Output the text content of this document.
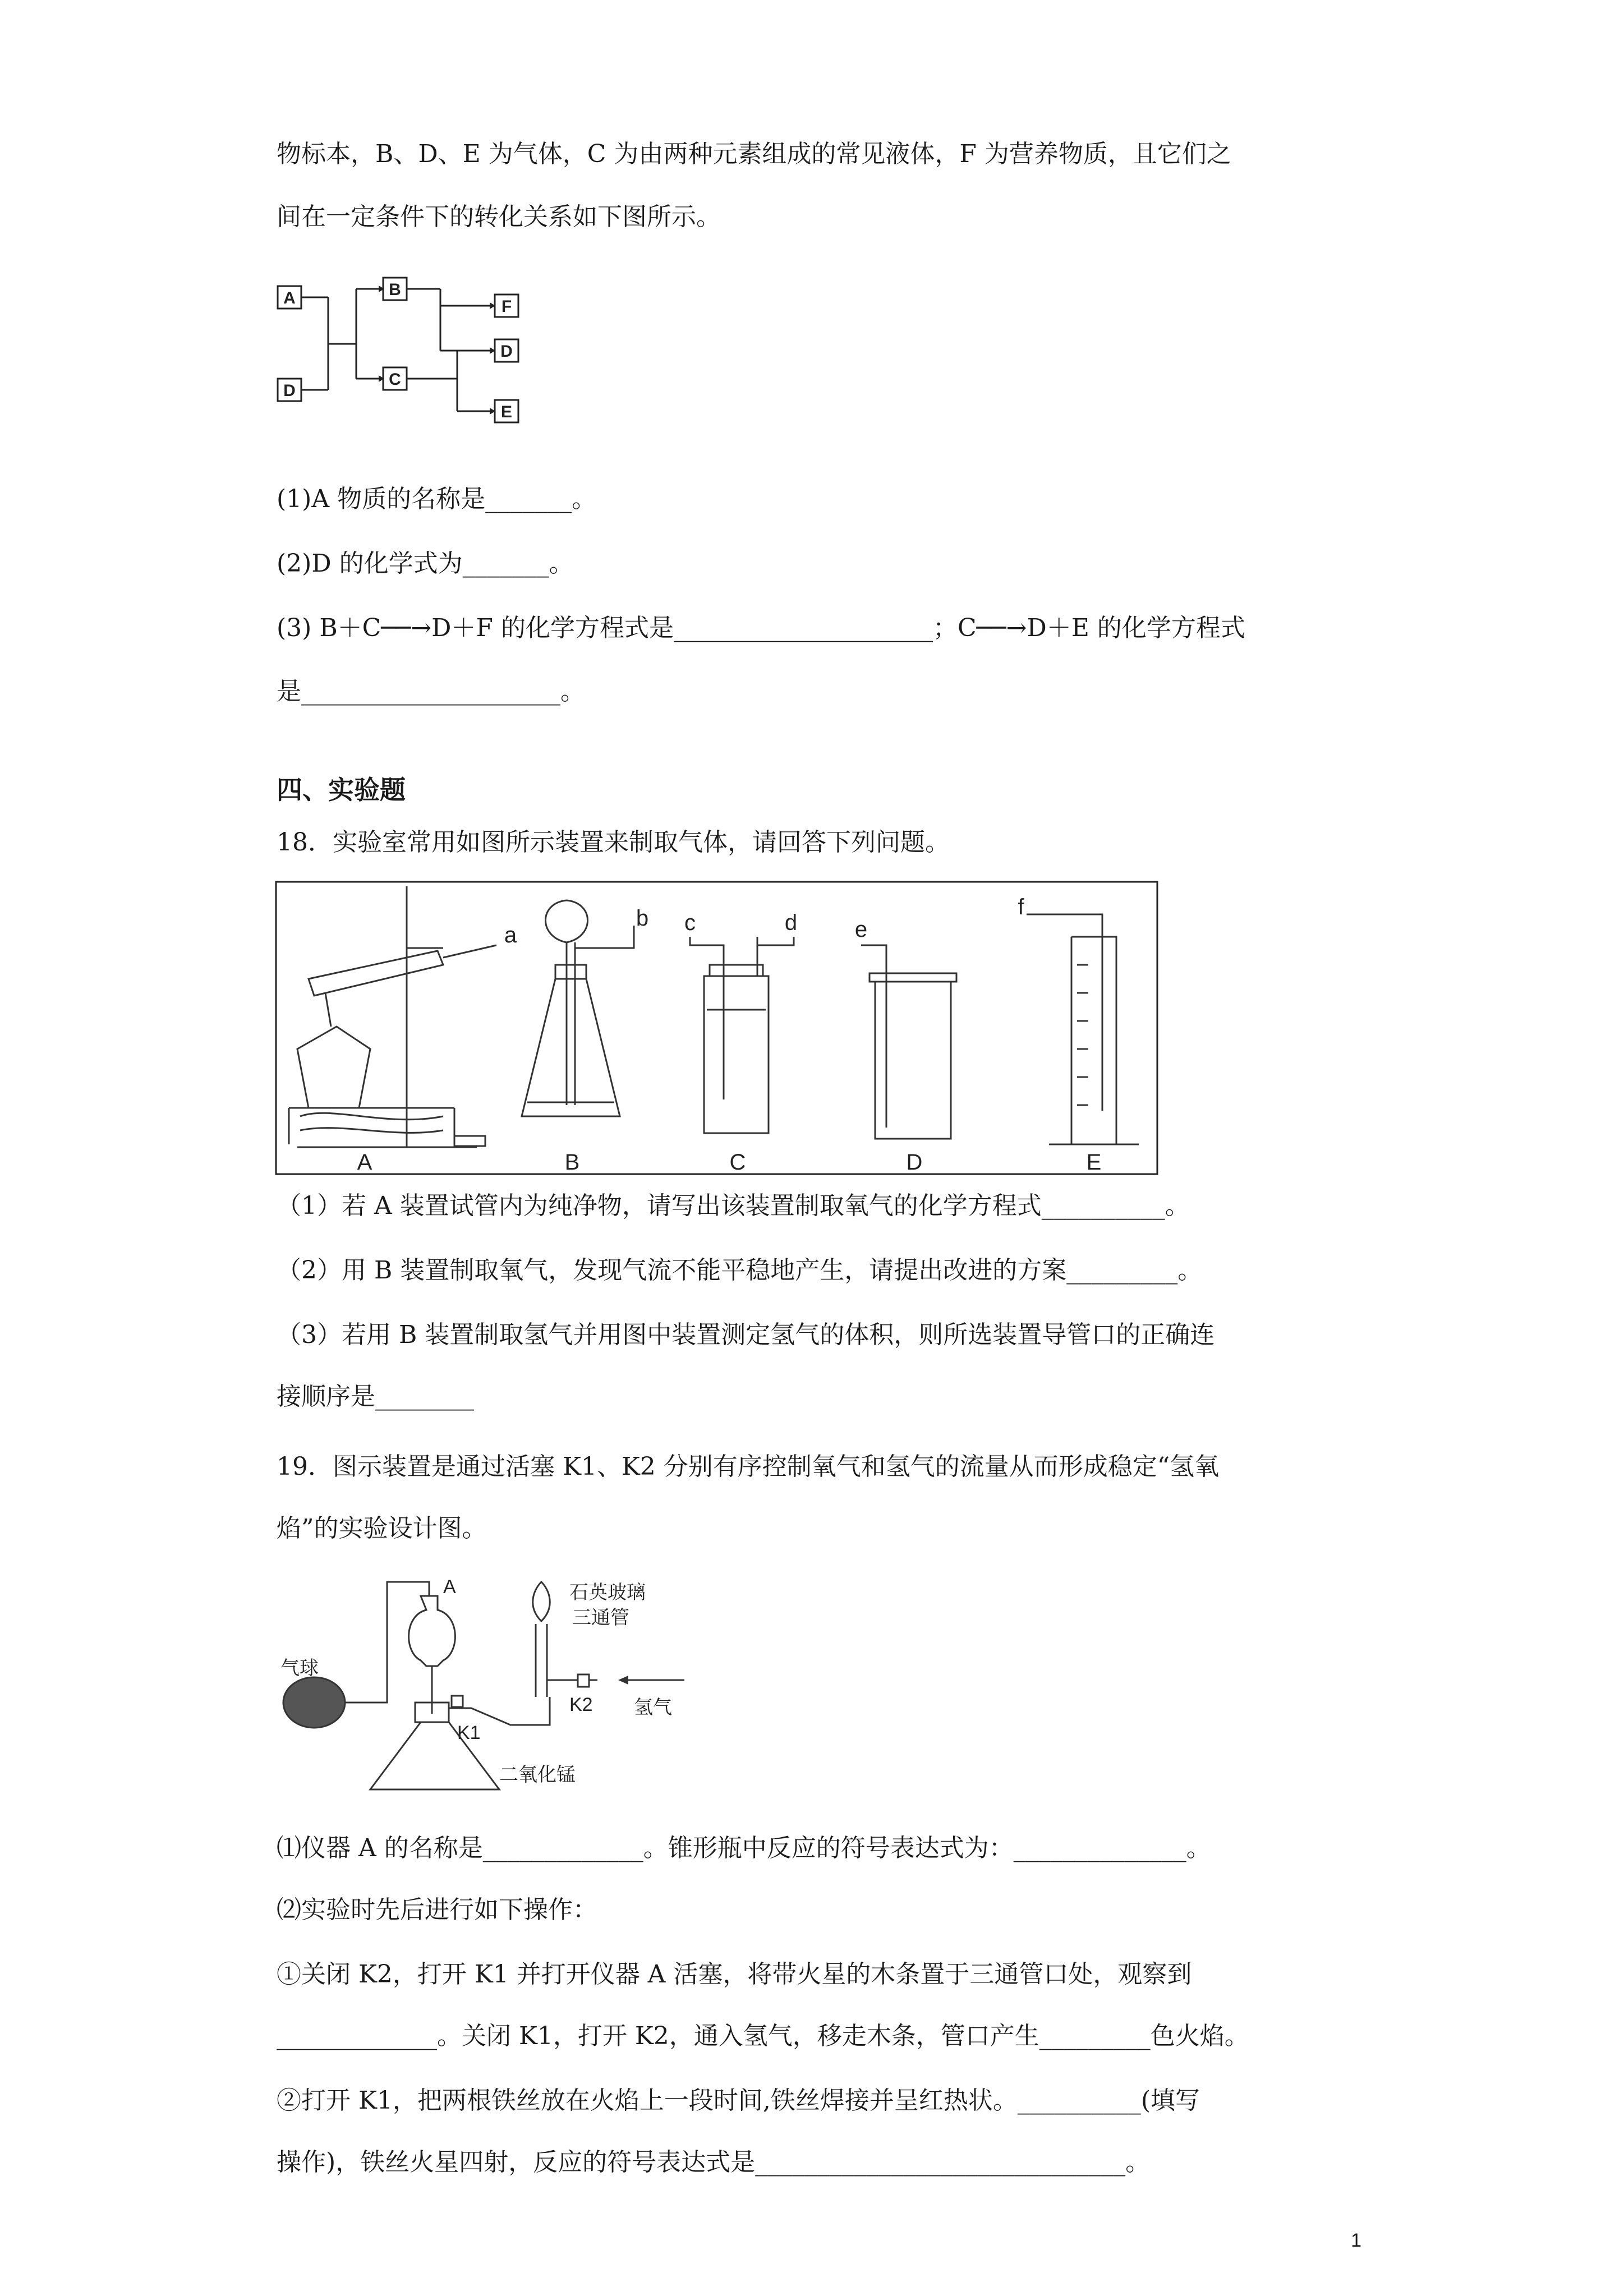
物标本，B、D、E 为气体，C 为由两种元素组成的常见液体，F 为营养物质，且它们之
间在一定条件下的转化关系如下图所示。
A
D
B
C
F
D
E
(1)A 物质的名称是_______。
(2)D 的化学式为_______。
(3) B＋C──→D＋F 的化学方程式是_____________________；C──→D＋E 的化学方程式
是_____________________。
四、实验题
18．实验室常用如图所示装置来制取气体，请回答下列问题。
A	B	C	D	E
a
b c	d	e
f
（1）若 A 装置试管内为纯净物，请写出该装置制取氧气的化学方程式__________。
（2）用 B 装置制取氧气，发现气流不能平稳地产生，请提出改进的方案_________。
（3）若用 B 装置制取氢气并用图中装置测定氢气的体积，则所选装置导管口的正确连
接顺序是________
19．图示装置是通过活塞 K1、K2 分别有序控制氧气和氢气的流量从而形成稳定“氢氧
焰”的实验设计图。
气球
A	石英玻璃
三通管
K1
K2 氢气
二氧化锰
⑴仪器 A 的名称是_____________。锥形瓶中反应的符号表达式为：______________。
⑵实验时先后进行如下操作：
①关闭 K2，打开 K1 并打开仪器 A 活塞，将带火星的木条置于三通管口处，观察到
_____________。关闭 K1，打开 K2，通入氢气，移走木条，管口产生_________色火焰。
②打开 K1，把两根铁丝放在火焰上一段时间,铁丝焊接并呈红热状。__________(填写
操作)，铁丝火星四射，反应的符号表达式是______________________________。
1
